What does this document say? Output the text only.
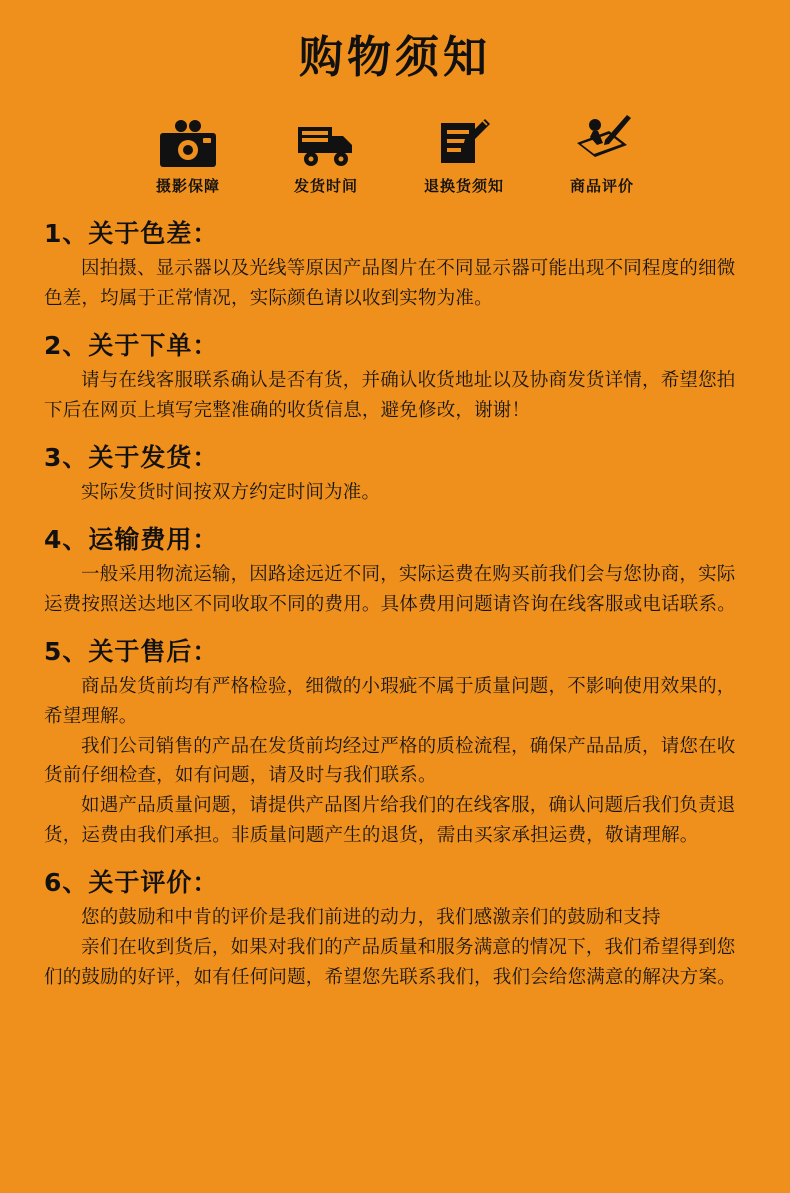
购物须知
摄影保障	发货时间	退换货须知	商品评价
1、关于色差：

因拍摄、显示器以及光线等原因产品图片在不同显示器可能出现不同程度的细微色差，均属于正常情况，实际颜色请以收到实物为准。

2、关于下单：

请与在线客服联系确认是否有货，并确认收货地址以及协商发货详情，希望您拍下后在网页上填写完整准确的收货信息，避免修改，谢谢！

3、关于发货：

实际发货时间按双方约定时间为准。

4、运输费用：

一般采用物流运输，因路途远近不同，实际运费在购买前我们会与您协商，实际运费按照送达地区不同收取不同的费用。具体费用问题请咨询在线客服或电话联系。

5、关于售后：

商品发货前均有严格检验，细微的小瑕疵不属于质量问题，不影响使用效果的，希望理解。

我们公司销售的产品在发货前均经过严格的质检流程，确保产品品质，请您在收货前仔细检查，如有问题，请及时与我们联系。

如遇产品质量问题，请提供产品图片给我们的在线客服，确认问题后我们负责退货，运费由我们承担。非质量问题产生的退货，需由买家承担运费，敬请理解。

6、关于评价：

您的鼓励和中肯的评价是我们前进的动力，我们感激亲们的鼓励和支持

亲们在收到货后，如果对我们的产品质量和服务满意的情况下，我们希望得到您们的鼓励的好评，如有任何问题，希望您先联系我们，我们会给您满意的解决方案。
